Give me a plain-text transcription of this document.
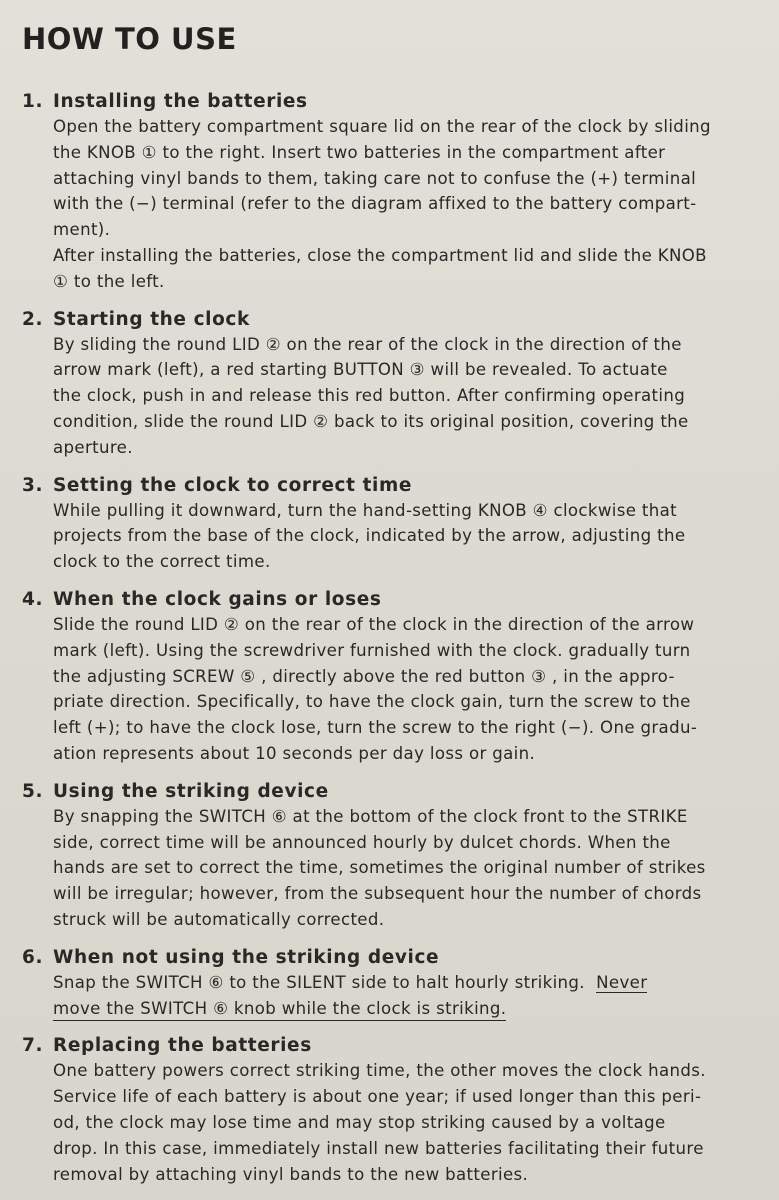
HOW TO USE
1. Installing the batteries
Open the battery compartment square lid on the rear of the clock by sliding
the KNOB ① to the right. Insert two batteries in the compartment after
attaching vinyl bands to them, taking care not to confuse the (+) terminal
with the (−) terminal (refer to the diagram affixed to the battery compart-
ment).
After installing the batteries, close the compartment lid and slide the KNOB
① to the left.
2. Starting the clock
By sliding the round LID ② on the rear of the clock in the direction of the
arrow mark (left), a red starting BUTTON ③ will be revealed. To actuate
the clock, push in and release this red button. After confirming operating
condition, slide the round LID ② back to its original position, covering the
aperture.
3. Setting the clock to correct time
While pulling it downward, turn the hand-setting KNOB ④ clockwise that
projects from the base of the clock, indicated by the arrow, adjusting the
clock to the correct time.
4. When the clock gains or loses
Slide the round LID ② on the rear of the clock in the direction of the arrow
mark (left). Using the screwdriver furnished with the clock. gradually turn
the adjusting SCREW ⑤ , directly above the red button ③ , in the appro-
priate direction. Specifically, to have the clock gain, turn the screw to the
left (+); to have the clock lose, turn the screw to the right (−). One gradu-
ation represents about 10 seconds per day loss or gain.
5. Using the striking device
By snapping the SWITCH ⑥ at the bottom of the clock front to the STRIKE
side, correct time will be announced hourly by dulcet chords. When the
hands are set to correct the time, sometimes the original number of strikes
will be irregular; however, from the subsequent hour the number of chords
struck will be automatically corrected.
6. When not using the striking device
Snap the SWITCH ⑥ to the SILENT side to halt hourly striking. Never
move the SWITCH ⑥ knob while the clock is striking.
7. Replacing the batteries
One battery powers correct striking time, the other moves the clock hands.
Service life of each battery is about one year; if used longer than this peri-
od, the clock may lose time and may stop striking caused by a voltage
drop. In this case, immediately install new batteries facilitating their future
removal by attaching vinyl bands to the new batteries.
